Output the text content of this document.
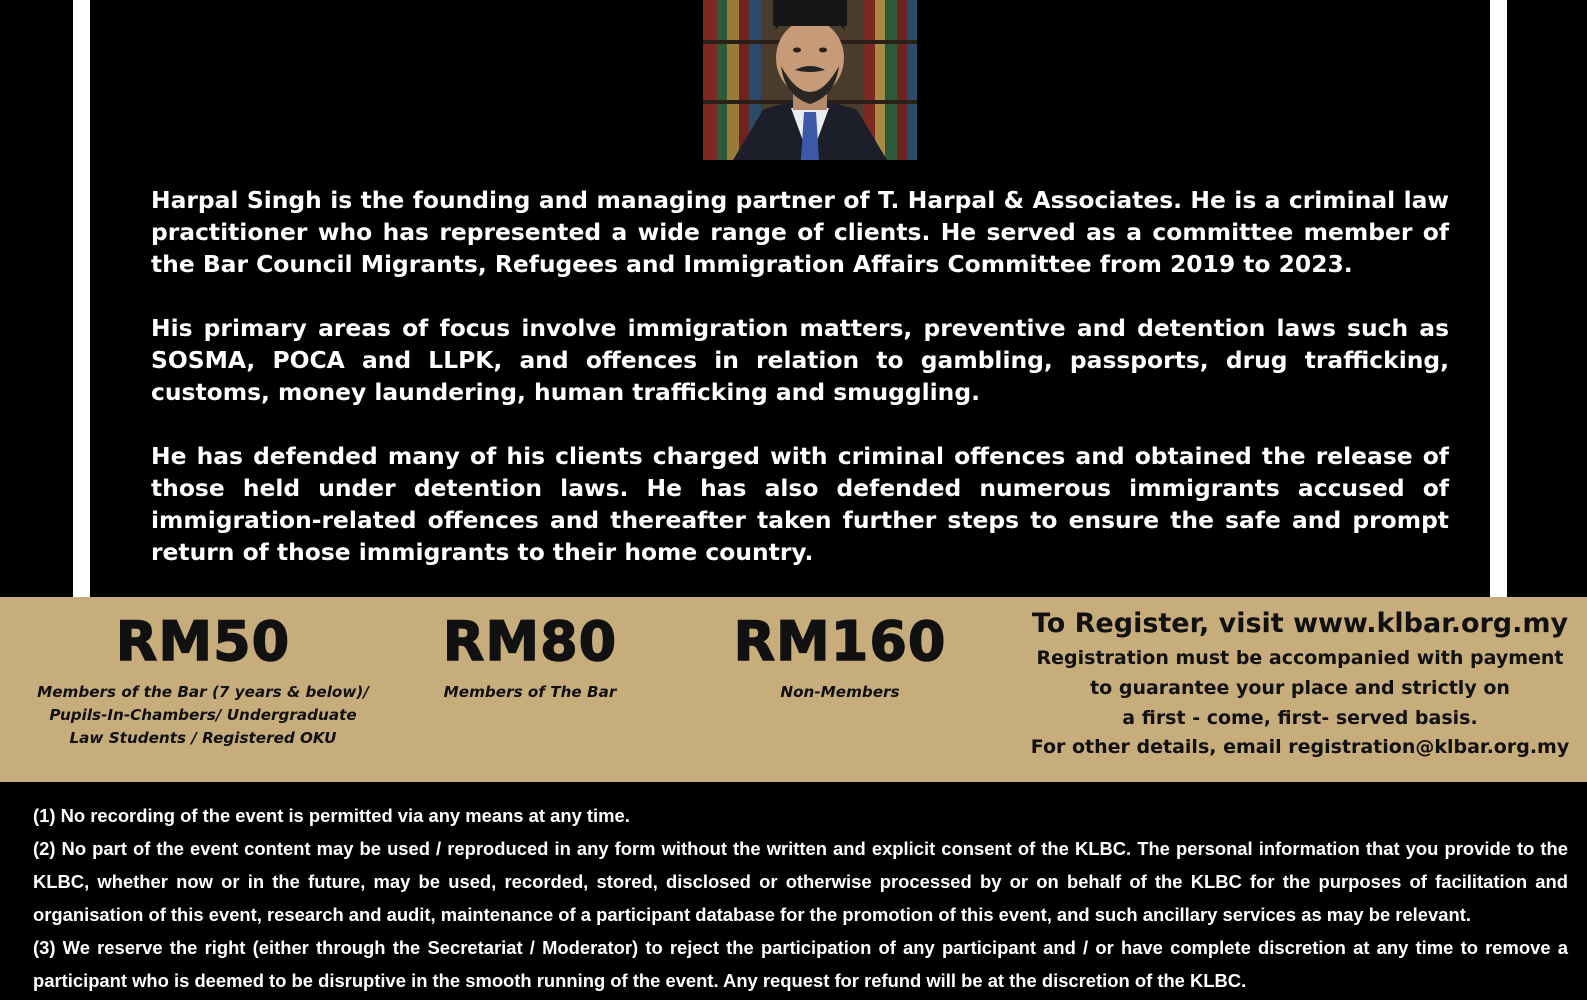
Harpal Singh is the founding and managing partner of T. Harpal & Associates. He is a criminal law practitioner who has represented a wide range of clients. He served as a committee member of the Bar Council Migrants, Refugees and Immigration Affairs Committee from 2019 to 2023.

His primary areas of focus involve immigration matters, preventive and detention laws such as SOSMA, POCA and LLPK, and offences in relation to gambling, passports, drug trafficking, customs, money laundering, human trafficking and smuggling.

He has defended many of his clients charged with criminal offences and obtained the release of those held under detention laws. He has also defended numerous immigrants accused of immigration-related offences and thereafter taken further steps to ensure the safe and prompt return of those immigrants to their home country.

RM50
Members of the Bar (7 years & below)/
Pupils-In-Chambers/ Undergraduate
Law Students / Registered OKU
RM80
Members of The Bar
RM160
Non-Members
To Register, visit www.klbar.org.my
Registration must be accompanied with payment
to guarantee your place and strictly on
a first - come, first- served basis.
For other details, email registration@klbar.org.my

(1) No recording of the event is permitted via any means at any time.

(2) No part of the event content may be used / reproduced in any form without the written and explicit consent of the KLBC. The personal information that you provide to the KLBC, whether now or in the future, may be used, recorded, stored, disclosed or otherwise processed by or on behalf of the KLBC for the purposes of facilitation and organisation of this event, research and audit, maintenance of a participant database for the promotion of this event, and such ancillary services as may be relevant.

(3) We reserve the right (either through the Secretariat / Moderator) to reject the participation of any participant and / or have complete discretion at any time to remove a participant who is deemed to be disruptive in the smooth running of the event. Any request for refund will be at the discretion of the KLBC.
